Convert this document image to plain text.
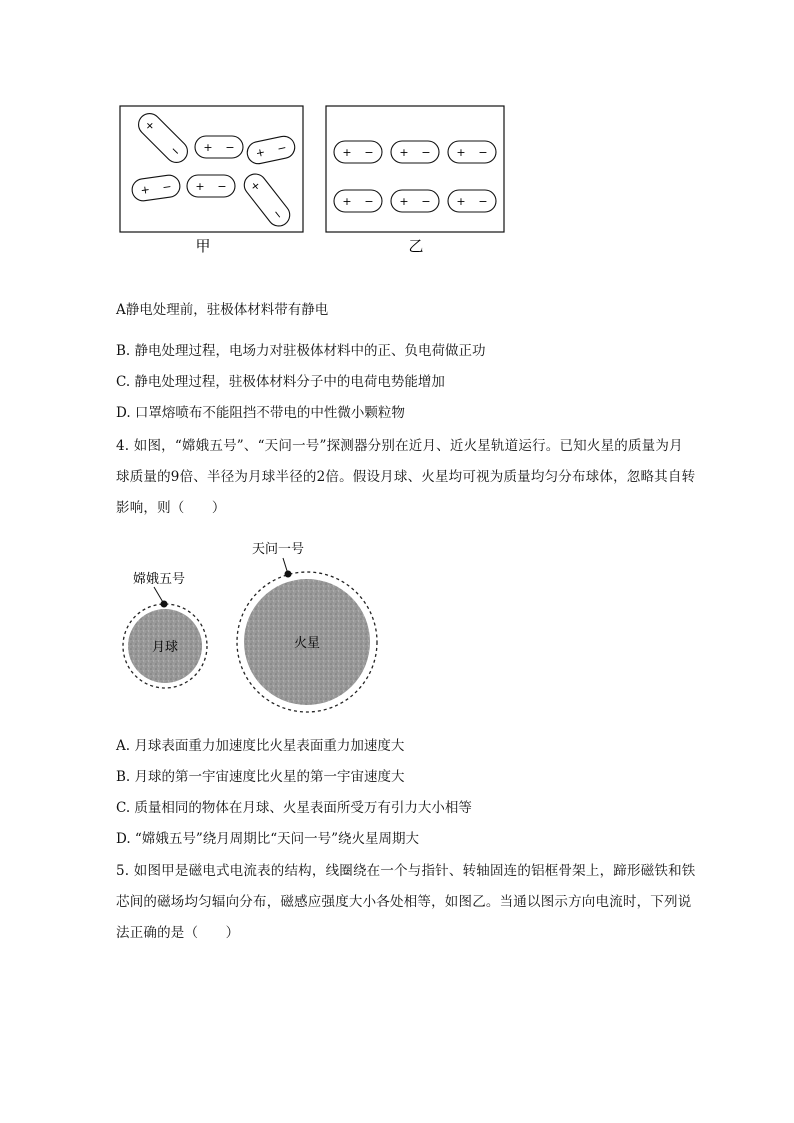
+
− + − + −
+ − + − +
−
+ − + − + −
+ − + − + −
甲	乙
A静电处理前，驻极体材料带有静电
B. 静电处理过程，电场力对驻极体材料中的正、负电荷做正功
C. 静电处理过程，驻极体材料分子中的电荷电势能增加
D. 口罩熔喷布不能阻挡不带电的中性微小颗粒物
4. 如图，“嫦娥五号”、“天问一号”探测器分别在近月、近火星轨道运行。已知火星的质量为月球质量的9倍、半径为月球半径的2倍。假设月球、火星均可视为质量均匀分布球体，忽略其自转影响，则（　　）
嫦娥五号
月球
天问一号
火星
A. 月球表面重力加速度比火星表面重力加速度大
B. 月球的第一宇宙速度比火星的第一宇宙速度大
C. 质量相同的物体在月球、火星表面所受万有引力大小相等
D. “嫦娥五号”绕月周期比“天问一号”绕火星周期大
5. 如图甲是磁电式电流表的结构，线圈绕在一个与指针、转轴固连的铝框骨架上，蹄形磁铁和铁芯间的磁场均匀辐向分布，磁感应强度大小各处相等，如图乙。当通以图示方向电流时，下列说法正确的是（　　）
